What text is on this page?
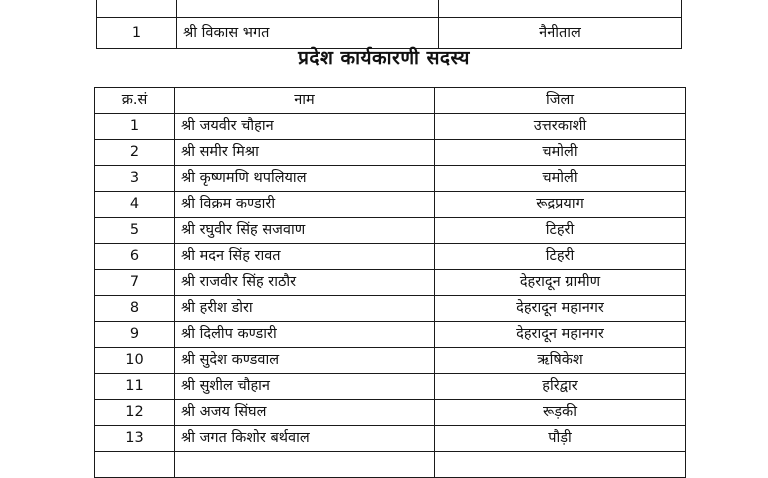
1	श्री विकास भगत	नैनीताल
प्रदेश कार्यकारणी सदस्य
क्र.सं	नाम	जिला
1	श्री जयवीर चौहान	उत्तरकाशी
2	श्री समीर मिश्रा	चमोली
3	श्री कृष्णमणि थपलियाल	चमोली
4	श्री विक्रम कण्डारी	रूद्रप्रयाग
5	श्री रघुवीर सिंह सजवाण	टिहरी
6	श्री मदन सिंह रावत	टिहरी
7	श्री राजवीर सिंह राठौर	देहरादून ग्रामीण
8	श्री हरीश डोरा	देहरादून महानगर
9	श्री दिलीप कण्डारी	देहरादून महानगर
10	श्री सुदेश कण्डवाल	ऋषिकेश
11	श्री सुशील चौहान	हरिद्वार
12	श्री अजय सिंघल	रूड़की
13	श्री जगत किशोर बर्थवाल	पौड़ी
